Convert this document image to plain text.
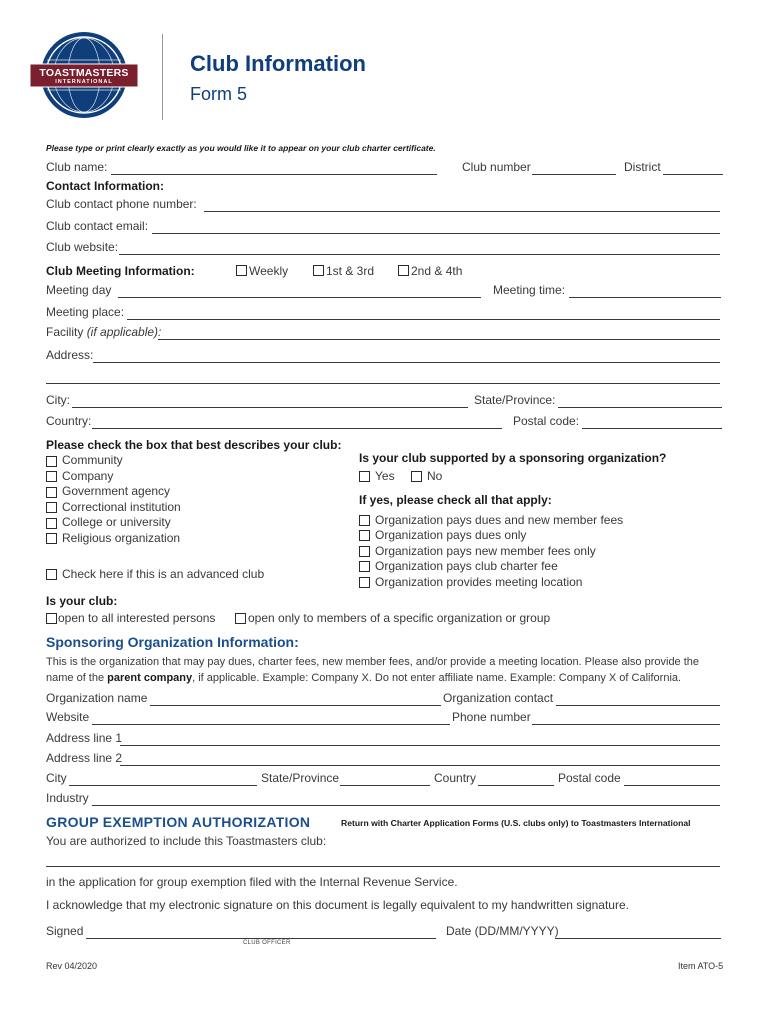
TOASTMASTERS
INTERNATIONAL
Club Information
Form 5
Please type or print clearly exactly as you would like it to appear on your club charter certificate.
Club name:	Club number	District
Contact Information:
Club contact phone number:
Club contact email:
Club website:
Club Meeting Information:	Weekly	1st & 3rd	2nd & 4th
Meeting day	Meeting time:
Meeting place:
Facility (if applicable):
Address:
City:	State/Province:
Country:	Postal code:
Please check the box that best describes your club:
Community
Company
Government agency
Correctional institution
College or university
Religious organization
Check here if this is an advanced club
Is your club supported by a sponsoring organization?
Yes	No
If yes, please check all that apply:
Organization pays dues and new member fees
Organization pays dues only
Organization pays new member fees only
Organization pays club charter fee
Organization provides meeting location
Is your club:
open to all interested persons	open only to members of a specific organization or group
Sponsoring Organization Information:
This is the organization that may pay dues, charter fees, new member fees, and/or provide a meeting location. Please also provide the
name of the parent company, if applicable. Example: Company X. Do not enter affiliate name. Example: Company X of California.
Organization name	Organization contact
Website	Phone number
Address line 1
Address line 2
City	State/Province	Country	Postal code
Industry
GROUP EXEMPTION AUTHORIZATION	Return with Charter Application Forms (U.S. clubs only) to Toastmasters International
You are authorized to include this Toastmasters club:
in the application for group exemption filed with the Internal Revenue Service.
I acknowledge that my electronic signature on this document is legally equivalent to my handwritten signature.
Signed
CLUB OFFICER
Date (DD/MM/YYYY)
Rev 04/2020	Item ATO-5
